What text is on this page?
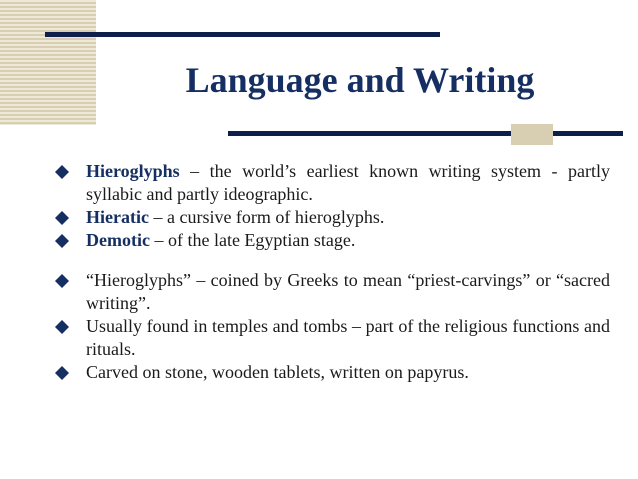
Language and Writing
Hieroglyphs – the world’s earliest known writing system - partly syllabic and partly ideographic.
Hieratic – a cursive form of hieroglyphs.
Demotic – of the late Egyptian stage.
“Hieroglyphs” – coined by Greeks to mean “priest-carvings” or “sacred writing”.
Usually found in temples and tombs – part of the religious functions and rituals.
Carved on stone, wooden tablets, written on papyrus.
